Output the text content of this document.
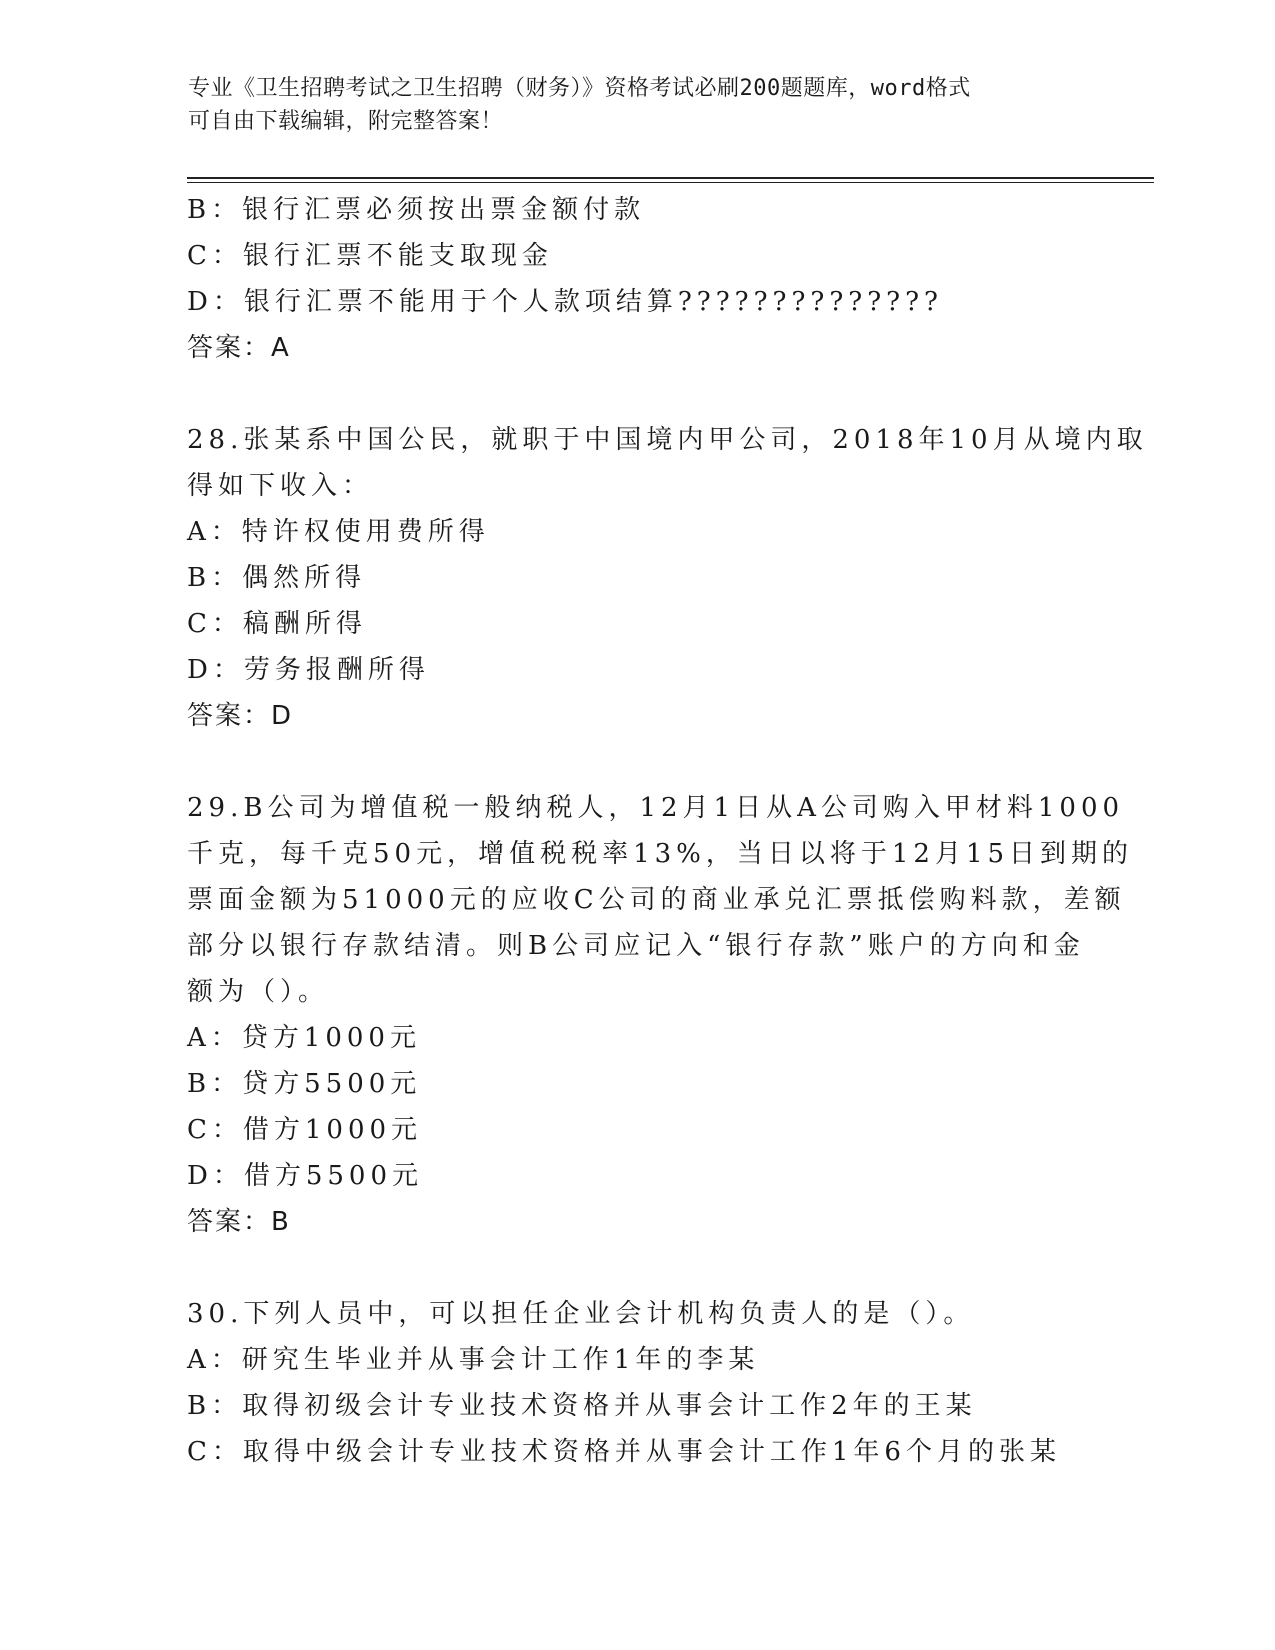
专业《卫生招聘考试之卫生招聘（财务）》资格考试必刷200题题库，word格式
可自由下载编辑，附完整答案！
B：银行汇票必须按出票金额付款
C：银行汇票不能支取现金
D：银行汇票不能用于个人款项结算??????????????
答案：A
28.张某系中国公民，就职于中国境内甲公司，2018年10月从境内取
得如下收入：
A：特许权使用费所得
B：偶然所得
C：稿酬所得
D：劳务报酬所得
答案：D
29.B公司为增值税一般纳税人，12月1日从A公司购入甲材料1000
千克，每千克50元，增值税税率13%，当日以将于12月15日到期的
票面金额为51000元的应收C公司的商业承兑汇票抵偿购料款，差额
部分以银行存款结清。则B公司应记入“银行存款”账户的方向和金
额为（）。
A：贷方1000元
B：贷方5500元
C：借方1000元
D：借方5500元
答案：B
30.下列人员中，可以担任企业会计机构负责人的是（）。
A：研究生毕业并从事会计工作1年的李某
B：取得初级会计专业技术资格并从事会计工作2年的王某
C：取得中级会计专业技术资格并从事会计工作1年6个月的张某
